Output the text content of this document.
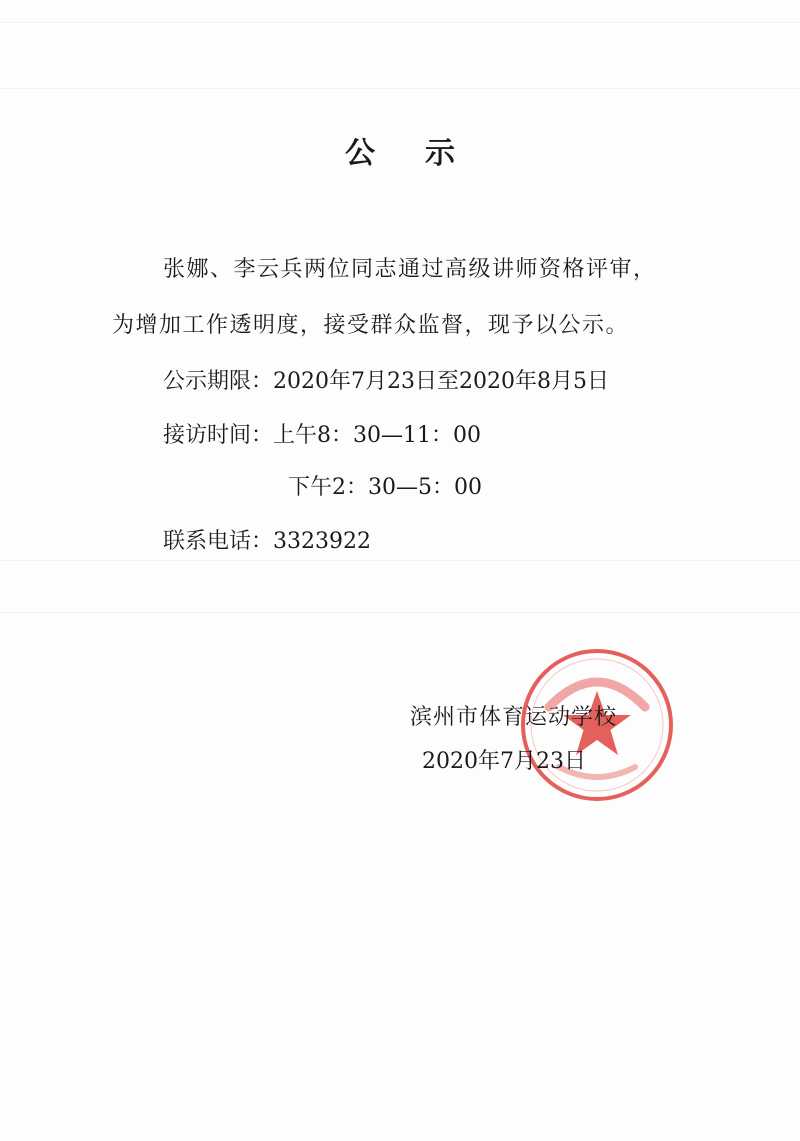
公 示
张娜、李云兵两位同志通过高级讲师资格评审，
为增加工作透明度，接受群众监督，现予以公示。
公示期限：2020年7月23日至2020年8月5日
接访时间：上午8：30—11：00
下午2：30—5：00
联系电话：3323922
滨州市体育运动学校
2020年7月23日
